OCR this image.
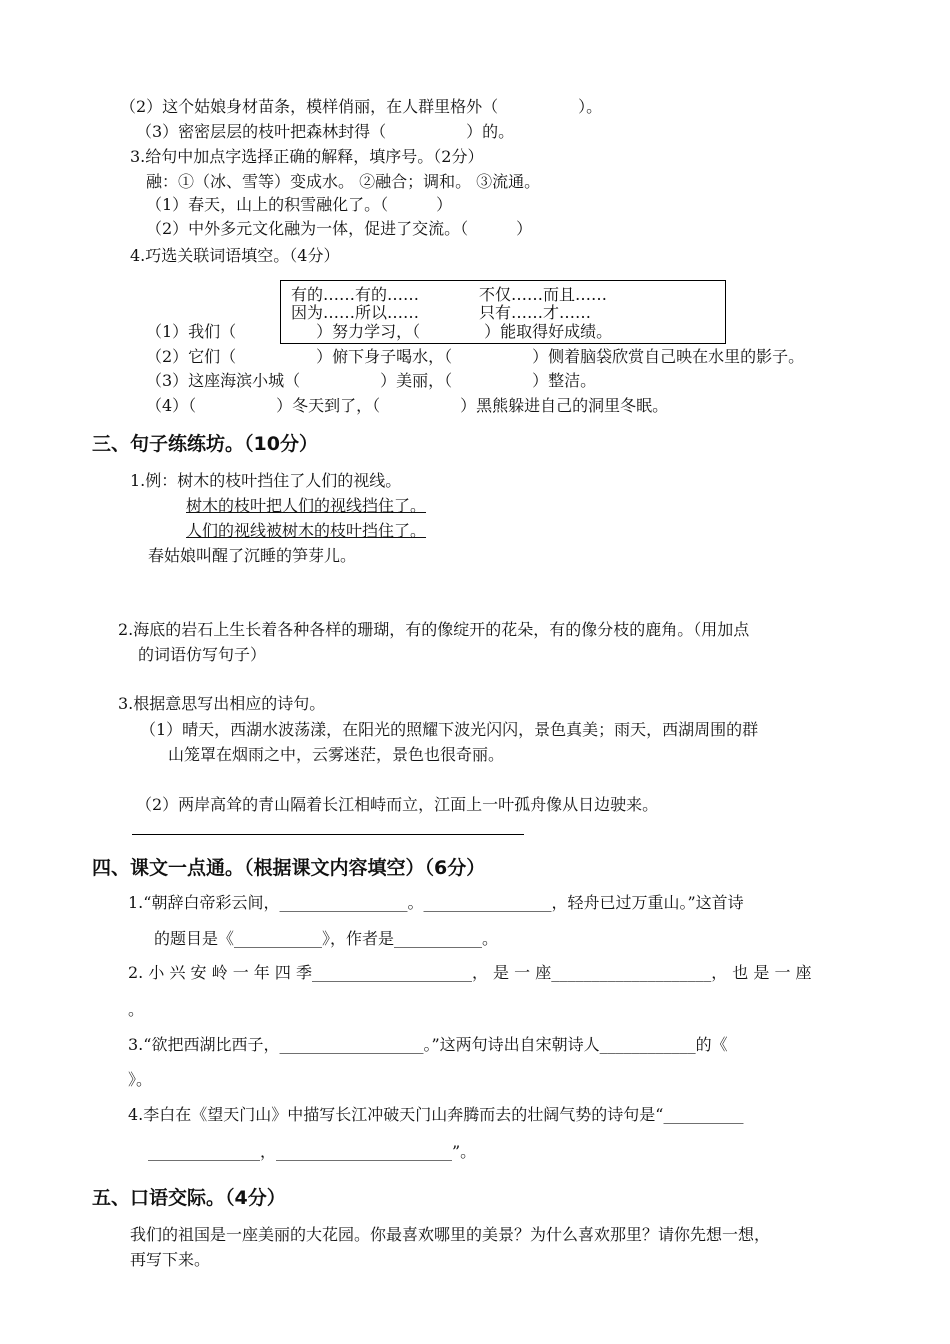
（2）这个姑娘身材苗条，模样俏丽，在人群里格外（　　　　　）。
（3）密密层层的枝叶把森林封得（　　　　　）的。
3.给句中加点字选择正确的解释，填序号。（2分）
融：①（冰、雪等）变成水。 ②融合；调和。 ③流通。
（1）春天，山上的积雪融化了。（　　　）
（2）中外多元文化融为一体，促进了交流。（　　　）
4.巧选关联词语填空。（4分）
有的……有的……	不仅……而且……
因为……所以……	只有……才……
（1）我们（　　　　　）努力学习，（　　　　）能取得好成绩。
（2）它们（　　　　　）俯下身子喝水，（　　　　　）侧着脑袋欣赏自己映在水里的影子。
（3）这座海滨小城（　　　　　）美丽，（　　　　　）整洁。
（4）（　　　　　）冬天到了，（　　　　　）黑熊躲进自己的洞里冬眠。
三、句子练练坊。（10分）
1.例：树木的枝叶挡住了人们的视线。
树木的枝叶把人们的视线挡住了。
人们的视线被树木的枝叶挡住了。
春姑娘叫醒了沉睡的笋芽儿。
2.海底的岩石上生长着各种各样的珊瑚，有的像绽开的花朵，有的像分枝的鹿角。（用加点
的词语仿写句子）
3.根据意思写出相应的诗句。
（1）晴天，西湖水波荡漾，在阳光的照耀下波光闪闪，景色真美；雨天，西湖周围的群
山笼罩在烟雨之中，云雾迷茫，景色也很奇丽。
（2）两岸高耸的青山隔着长江相峙而立，江面上一叶孤舟像从日边驶来。
四、课文一点通。（根据课文内容填空）（6分）
1.“朝辞白帝彩云间，________________。________________，轻舟已过万重山。”这首诗
的题目是《___________》，作者是___________。
2. 小 兴 安 岭 一 年 四 季____________________， 是 一 座____________________， 也 是 一 座
。
3.“欲把西湖比西子，__________________。”这两句诗出自宋朝诗人____________的《
》。
4.李白在《望天门山》中描写长江冲破天门山奔腾而去的壮阔气势的诗句是“__________
______________，______________________”。
五、口语交际。（4分）
我们的祖国是一座美丽的大花园。你最喜欢哪里的美景？为什么喜欢那里？请你先想一想，
再写下来。
